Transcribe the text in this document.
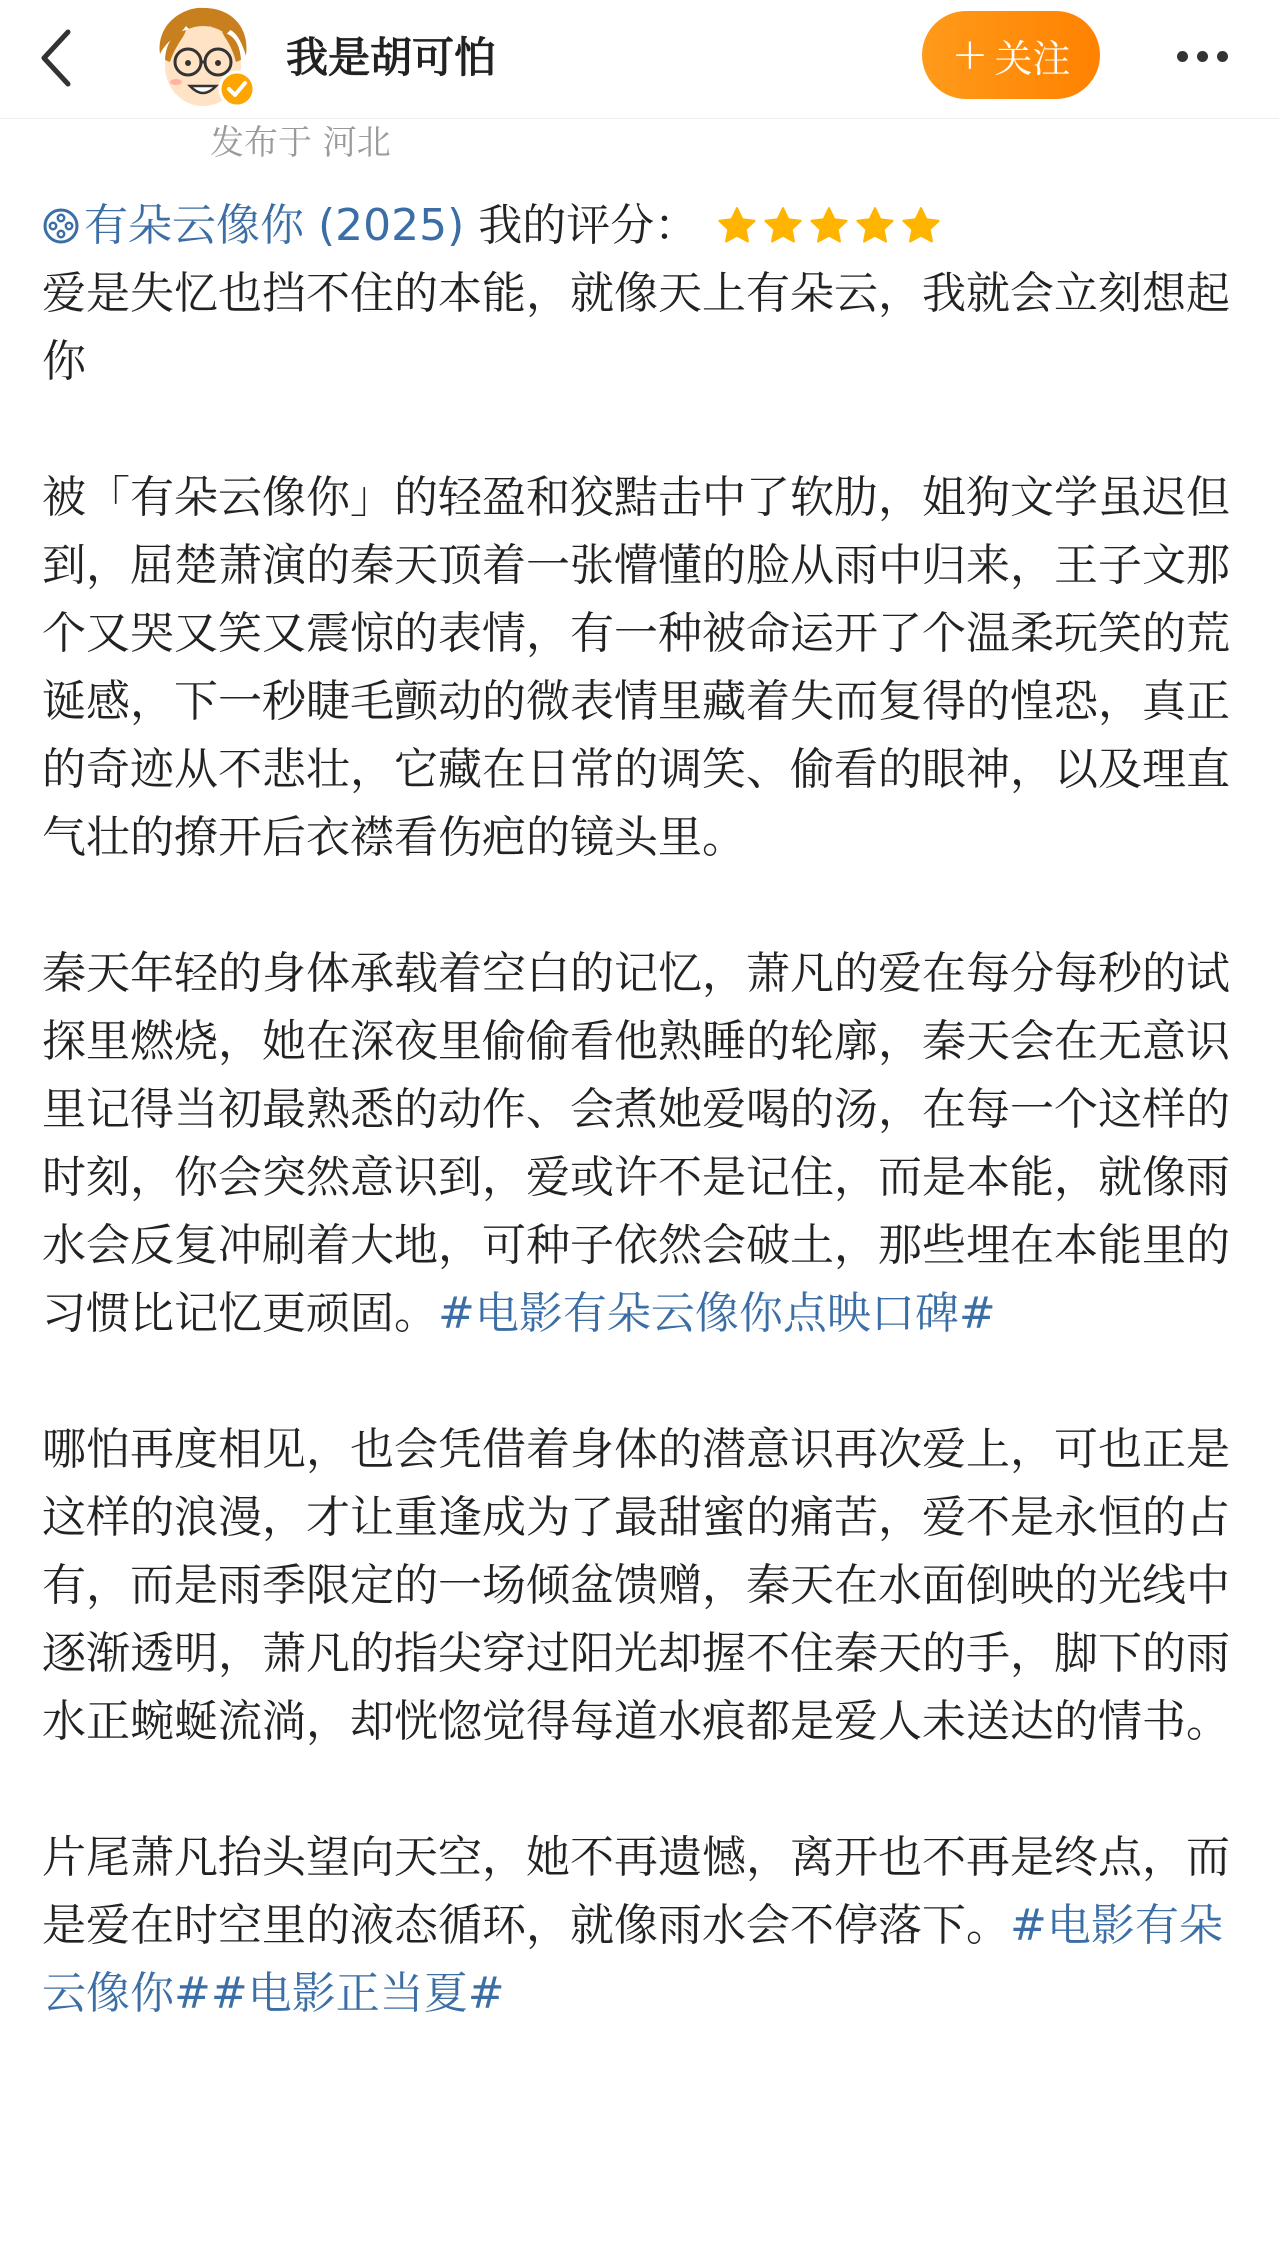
我是胡可怕	+ 关注
发布于 河北
有朵云像你 (2025) 我的评分：

爱是失忆也挡不住的本能，就像天上有朵云，我就会立刻想起你

被「有朵云像你」的轻盈和狡黠击中了软肋，姐狗文学虽迟但到，屈楚萧演的秦天顶着一张懵懂的脸从雨中归来，王子文那个又哭又笑又震惊的表情，有一种被命运开了个温柔玩笑的荒诞感，下一秒睫毛颤动的微表情里藏着失而复得的惶恐，真正的奇迹从不悲壮，它藏在日常的调笑、偷看的眼神，以及理直气壮的撩开后衣襟看伤疤的镜头里。

秦天年轻的身体承载着空白的记忆，萧凡的爱在每分每秒的试探里燃烧，她在深夜里偷偷看他熟睡的轮廓，秦天会在无意识里记得当初最熟悉的动作、会煮她爱喝的汤，在每一个这样的时刻，你会突然意识到，爱或许不是记住，而是本能，就像雨水会反复冲刷着大地，可种子依然会破土，那些埋在本能里的习惯比记忆更顽固。#电影有朵云像你点映口碑#

哪怕再度相见，也会凭借着身体的潜意识再次爱上，可也正是这样的浪漫，才让重逢成为了最甜蜜的痛苦，爱不是永恒的占有，而是雨季限定的一场倾盆馈赠，秦天在水面倒映的光线中逐渐透明，萧凡的指尖穿过阳光却握不住秦天的手，脚下的雨水正蜿蜒流淌，却恍惚觉得每道水痕都是爱人未送达的情书。

片尾萧凡抬头望向天空，她不再遗憾，离开也不再是终点，而是爱在时空里的液态循环，就像雨水会不停落下。#电影有朵云像你##电影正当夏#
